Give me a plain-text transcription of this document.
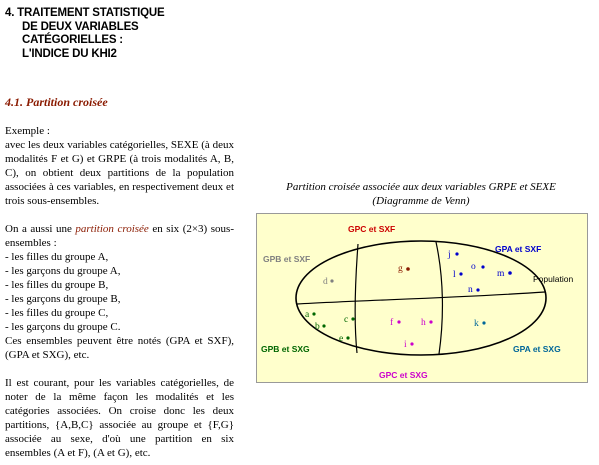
4. TRAITEMENT STATISTIQUE
DE DEUX VARIABLES
CATÉGORIELLES :
L'INDICE DU KHI2
4.1. Partition croisée

Exemple :

avec les deux variables catégorielles, SEXE (à deux modalités F et G) et GRPE (à trois modalités A, B, C), on obtient deux partitions de la population associées à ces variables, en respectivement deux et trois sous-ensembles.

On a aussi une partition croisée en six (2×3) sous-ensembles :

- les filles du groupe A,

- les garçons du groupe A,

- les filles du groupe B,

- les garçons du groupe B,

- les filles du groupe C,

- les garçons du groupe C.

Ces ensembles peuvent être notés (GPA et SXF), (GPA et SXG), etc.

Il est courant, pour les variables catégorielles, de noter de la même façon les modalités et les catégories associées. On croise donc les deux partitions, {A,B,C} associée au groupe et {F,G} associée au sexe, d'où une partition en six ensembles (A et F), (A et G), etc.

Partition croisée associée aux deux variables GRPE et SEXE
(Diagramme de Venn)
GPC et SXF
GPB et SXF
GPA et SXF
Population
GPB et SXG	GPA et SXG
GPC et SXG
d
g
j
o
m
l
n
a	c
b
e
f	h
i
k
